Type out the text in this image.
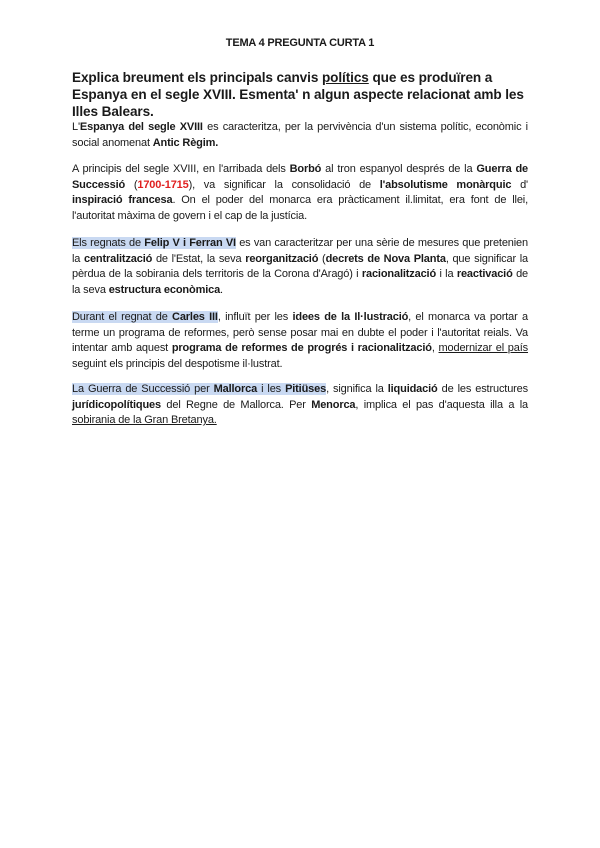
TEMA 4 PREGUNTA CURTA 1
Explica breument els principals canvis polítics que es produïren a Espanya en el segle XVIII. Esmenta' n algun aspecte relacionat amb les Illes Balears.
L'Espanya del segle XVIII es caracteritza, per la pervivència d'un sistema polític, econòmic i social anomenat Antic Règim.
A principis del segle XVIII, en l'arribada dels Borbó al tron espanyol després de la Guerra de Successió (1700-1715), va significar la consolidació de l'absolutisme monàrquic d' inspiració francesa. On el poder del monarca era pràcticament il.limitat, era font de llei, l'autoritat màxima de govern i el cap de la justícia.
Els regnats de Felip V i Ferran VI es van caracteritzar per una sèrie de mesures que pretenien la centralització de l'Estat, la seva reorganització (decrets de Nova Planta, que significar la pèrdua de la sobirania dels territoris de la Corona d'Aragó) i racionalització i la reactivació de la seva estructura econòmica.
Durant el regnat de Carles III, influït per les idees de la Il·lustració, el monarca va portar a terme un programa de reformes, però sense posar mai en dubte el poder i l'autoritat reials. Va intentar amb aquest programa de reformes de progrés i racionalització, modernizar el país seguint els principis del despotisme il·lustrat.
La Guerra de Successió per Mallorca i les Pitiüses, significa la liquidació de les estructures jurídicopolítiques del Regne de Mallorca. Per Menorca, implica el pas d'aquesta illa a la sobirania de la Gran Bretanya.
